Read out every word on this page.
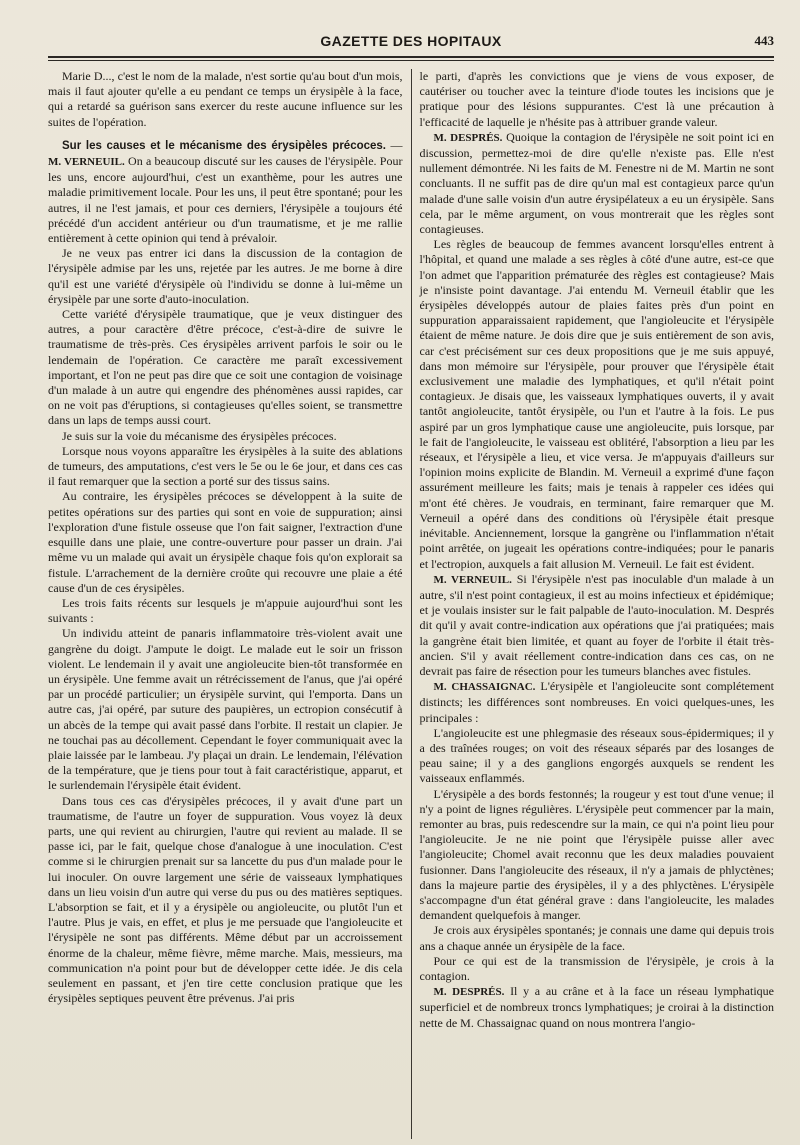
GAZETTE DES HOPITAUX	443

Marie D..., c'est le nom de la malade, n'est sortie qu'au bout d'un mois, mais il faut ajouter qu'elle a eu pendant ce temps un érysipèle à la face, qui a retardé sa guérison sans exercer du reste aucune influence sur les suites de l'opération.

Sur les causes et le mécanisme des érysipèles précoces. — M. VERNEUIL. On a beaucoup discuté sur les causes de l'érysipèle. Pour les uns, encore aujourd'hui, c'est un exanthème, pour les autres une maladie primitivement locale. Pour les uns, il peut être spontané; pour les autres, il ne l'est jamais, et pour ces derniers, l'érysipèle a toujours été précédé d'un accident antérieur ou d'un traumatisme, et je me rallie entièrement à cette opinion qui tend à prévaloir.

Je ne veux pas entrer ici dans la discussion de la contagion de l'érysipèle admise par les uns, rejetée par les autres. Je me borne à dire qu'il est une variété d'érysipèle où l'individu se donne à lui-même un érysipèle par une sorte d'auto-inoculation.

Cette variété d'érysipèle traumatique, que je veux distinguer des autres, a pour caractère d'être précoce, c'est-à-dire de suivre le traumatisme de très-près. Ces érysipèles arrivent parfois le soir ou le lendemain de l'opération. Ce caractère me paraît excessivement important, et l'on ne peut pas dire que ce soit une contagion de voisinage d'un malade à un autre qui engendre des phénomènes aussi rapides, car on ne voit pas d'éruptions, si contagieuses qu'elles soient, se transmettre dans un laps de temps aussi court.

Je suis sur la voie du mécanisme des érysipèles précoces.

Lorsque nous voyons apparaître les érysipèles à la suite des ablations de tumeurs, des amputations, c'est vers le 5e ou le 6e jour, et dans ces cas il faut remarquer que la section a porté sur des tissus sains.

Au contraire, les érysipèles précoces se développent à la suite de petites opérations sur des parties qui sont en voie de suppuration; ainsi l'exploration d'une fistule osseuse que l'on fait saigner, l'extraction d'une esquille dans une plaie, une contre-ouverture pour passer un drain. J'ai même vu un malade qui avait un érysipèle chaque fois qu'on explorait sa fistule. L'arrachement de la dernière croûte qui recouvre une plaie a été cause d'un de ces érysipèles.

Les trois faits récents sur lesquels je m'appuie aujourd'hui sont les suivants :

Un individu atteint de panaris inflammatoire très-violent avait une gangrène du doigt. J'ampute le doigt. Le malade eut le soir un frisson violent. Le lendemain il y avait une angioleucite bien-tôt transformée en un érysipèle. Une femme avait un rétrécissement de l'anus, que j'ai opéré par un procédé particulier; un érysipèle survint, qui l'emporta. Dans un autre cas, j'ai opéré, par suture des paupières, un ectropion consécutif à un abcès de la tempe qui avait passé dans l'orbite. Il restait un clapier. Je ne touchai pas au décollement. Cependant le foyer communiquait avec la plaie laissée par le lambeau. J'y plaçai un drain. Le lendemain, l'élévation de la température, que je tiens pour tout à fait caractéristique, apparut, et le surlendemain l'érysipèle était évident.

Dans tous ces cas d'érysipèles précoces, il y avait d'une part un traumatisme, de l'autre un foyer de suppuration. Vous voyez là deux parts, une qui revient au chirurgien, l'autre qui revient au malade. Il se passe ici, par le fait, quelque chose d'analogue à une inoculation. C'est comme si le chirurgien prenait sur sa lancette du pus d'un malade pour le lui inoculer. On ouvre largement une série de vaisseaux lymphatiques dans un lieu voisin d'un autre qui verse du pus ou des matières septiques. L'absorption se fait, et il y a érysipèle ou angioleucite, ou plutôt l'un et l'autre. Plus je vais, en effet, et plus je me persuade que l'angioleucite et l'érysipèle ne sont pas différents. Même début par un accroissement énorme de la chaleur, même fièvre, même marche. Mais, messieurs, ma communication n'a point pour but de développer cette idée. Je dis cela seulement en passant, et j'en tire cette conclusion pratique que les érysipèles septiques peuvent être prévenus. J'ai pris

le parti, d'après les convictions que je viens de vous exposer, de cautériser ou toucher avec la teinture d'iode toutes les incisions que je pratique pour des lésions suppurantes. C'est là une précaution à l'efficacité de laquelle je n'hésite pas à attribuer grande valeur.

M. DESPRÉS. Quoique la contagion de l'érysipèle ne soit point ici en discussion, permettez-moi de dire qu'elle n'existe pas. Elle n'est nullement démontrée. Ni les faits de M. Fenestre ni de M. Martin ne sont concluants. Il ne suffit pas de dire qu'un mal est contagieux parce qu'un malade d'une salle voisin d'un autre érysipélateux a eu un érysipèle. Sans cela, par le même argument, on vous montrerait que les règles sont contagieuses.

Les règles de beaucoup de femmes avancent lorsqu'elles entrent à l'hôpital, et quand une malade a ses règles à côté d'une autre, est-ce que l'on admet que l'apparition prématurée des règles est contagieuse? Mais je n'insiste point davantage. J'ai entendu M. Verneuil établir que les érysipèles développés autour de plaies faites près d'un point en suppuration apparaissaient rapidement, que l'angioleucite et l'érysipèle étaient de même nature. Je dois dire que je suis entièrement de son avis, car c'est précisément sur ces deux propositions que je me suis appuyé, dans mon mémoire sur l'érysipèle, pour prouver que l'érysipèle était exclusivement une maladie des lymphatiques, et qu'il n'était point contagieux. Je disais que, les vaisseaux lymphatiques ouverts, il y avait tantôt angioleucite, tantôt érysipèle, ou l'un et l'autre à la fois. Le pus aspiré par un gros lymphatique cause une angioleucite, puis lorsque, par le fait de l'angioleucite, le vaisseau est oblitéré, l'absorption a lieu par les réseaux, et l'érysipèle a lieu, et vice versa. Je m'appuyais d'ailleurs sur l'opinion moins explicite de Blandin. M. Verneuil a exprimé d'une façon assurément meilleure les faits; mais je tenais à rappeler ces idées qui m'ont été chères. Je voudrais, en terminant, faire remarquer que M. Verneuil a opéré dans des conditions où l'érysipèle était presque inévitable. Anciennement, lorsque la gangrène ou l'inflammation n'était point arrêtée, on jugeait les opérations contre-indiquées; pour le panaris et l'ectropion, auxquels a fait allusion M. Verneuil. Le fait est évident.

M. VERNEUIL. Si l'érysipèle n'est pas inoculable d'un malade à un autre, s'il n'est point contagieux, il est au moins infectieux et épidémique; et je voulais insister sur le fait palpable de l'auto-inoculation. M. Després dit qu'il y avait contre-indication aux opérations que j'ai pratiquées; mais la gangrène était bien limitée, et quant au foyer de l'orbite il était très-ancien. S'il y avait réellement contre-indication dans ces cas, on ne devrait pas faire de résection pour les tumeurs blanches avec fistules.

M. CHASSAIGNAC. L'érysipèle et l'angioleucite sont complétement distincts; les différences sont nombreuses. En voici quelques-unes, les principales :

L'angioleucite est une phlegmasie des réseaux sous-épidermiques; il y a des traînées rouges; on voit des réseaux séparés par des losanges de peau saine; il y a des ganglions engorgés auxquels se rendent les vaisseaux enflammés.

L'érysipèle a des bords festonnés; la rougeur y est tout d'une venue; il n'y a point de lignes régulières. L'érysipèle peut commencer par la main, remonter au bras, puis redescendre sur la main, ce qui n'a point lieu pour l'angioleucite. Je ne nie point que l'érysipèle puisse aller avec l'angioleucite; Chomel avait reconnu que les deux maladies pouvaient fusionner. Dans l'angioleucite des réseaux, il n'y a jamais de phlyctènes; dans la majeure partie des érysipèles, il y a des phlyctènes. L'érysipèle s'accompagne d'un état général grave : dans l'angioleucite, les malades demandent quelquefois à manger.

Je crois aux érysipèles spontanés; je connais une dame qui depuis trois ans a chaque année un érysipèle de la face.

Pour ce qui est de la transmission de l'érysipèle, je crois à la contagion.

M. DESPRÉS. Il y a au crâne et à la face un réseau lymphatique superficiel et de nombreux troncs lymphatiques; je croirai à la distinction nette de M. Chassaignac quand on nous montrera l'angio-
